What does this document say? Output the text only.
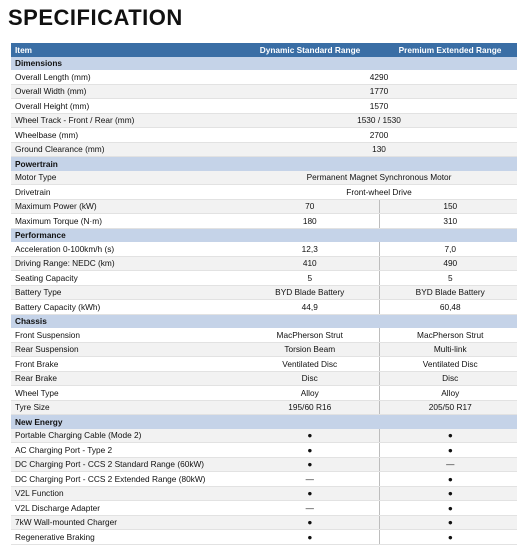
SPECIFICATION
Item	Dynamic Standard Range	Premium Extended Range
Dimensions		
Overall Length (mm)	4290	
Overall Width (mm)	1770	
Overall Height (mm)	1570	
Wheel Track - Front / Rear (mm)	1530 / 1530	
Wheelbase (mm)	2700	
Ground Clearance (mm)	130	
Powertrain		
Motor Type	Permanent Magnet Synchronous Motor	
Drivetrain	Front-wheel Drive	
Maximum Power (kW)	70	150
Maximum Torque (N·m)	180	310
Performance		
Acceleration 0-100km/h (s)	12,3	7,0
Driving Range: NEDC (km)	410	490
Seating Capacity	5	5
Battery Type	BYD Blade Battery	BYD Blade Battery
Battery Capacity (kWh)	44,9	60,48
Chassis		
Front Suspension	MacPherson Strut	MacPherson Strut
Rear Suspension	Torsion Beam	Multi-link
Front Brake	Ventilated Disc	Ventilated Disc
Rear Brake	Disc	Disc
Wheel Type	Alloy	Alloy
Tyre Size	195/60 R16	205/50 R17
New Energy		
Portable Charging Cable (Mode 2)	●	●
AC Charging Port - Type 2	●	●
DC Charging Port - CCS 2 Standard Range (60kW)	●	—
DC Charging Port - CCS 2 Extended Range (80kW)	—	●
V2L Function	●	●
V2L Discharge Adapter	—	●
7kW Wall-mounted Charger	●	●
Regenerative Braking	●	●
